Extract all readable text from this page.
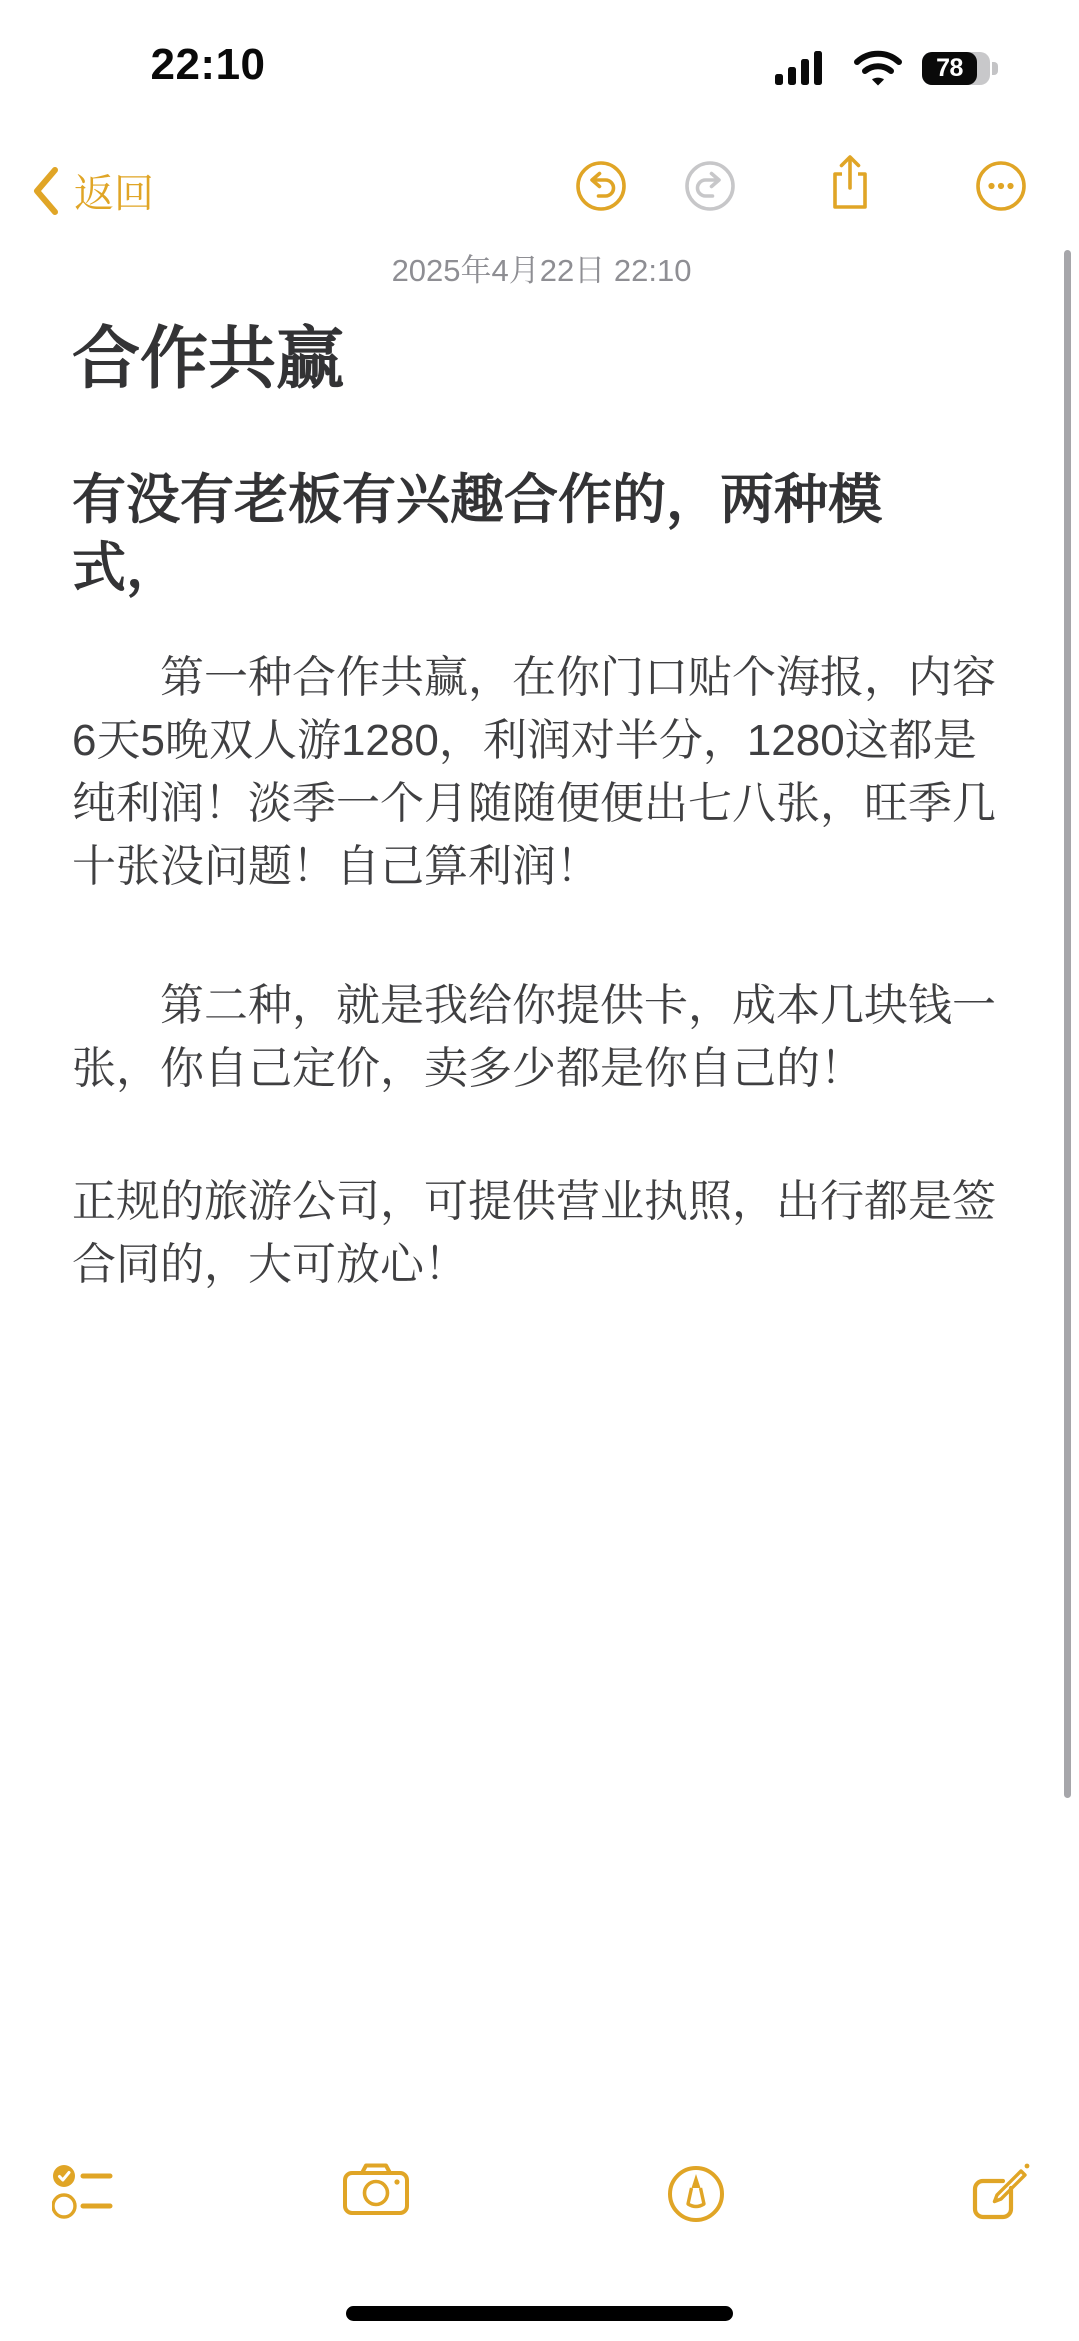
22:10	78
返回
2025年4月22日 22:10
合作共赢
有没有老板有兴趣合作的，两种模
式，
第一种合作共赢，在你门口贴个海报，内容
6天5晚双人游1280，利润对半分，1280这都是
纯利润！淡季一个月随随便便出七八张，旺季几
十张没问题！自己算利润！
第二种，就是我给你提供卡，成本几块钱一
张，你自己定价，卖多少都是你自己的！
正规的旅游公司，可提供营业执照，出行都是签
合同的，大可放心！
